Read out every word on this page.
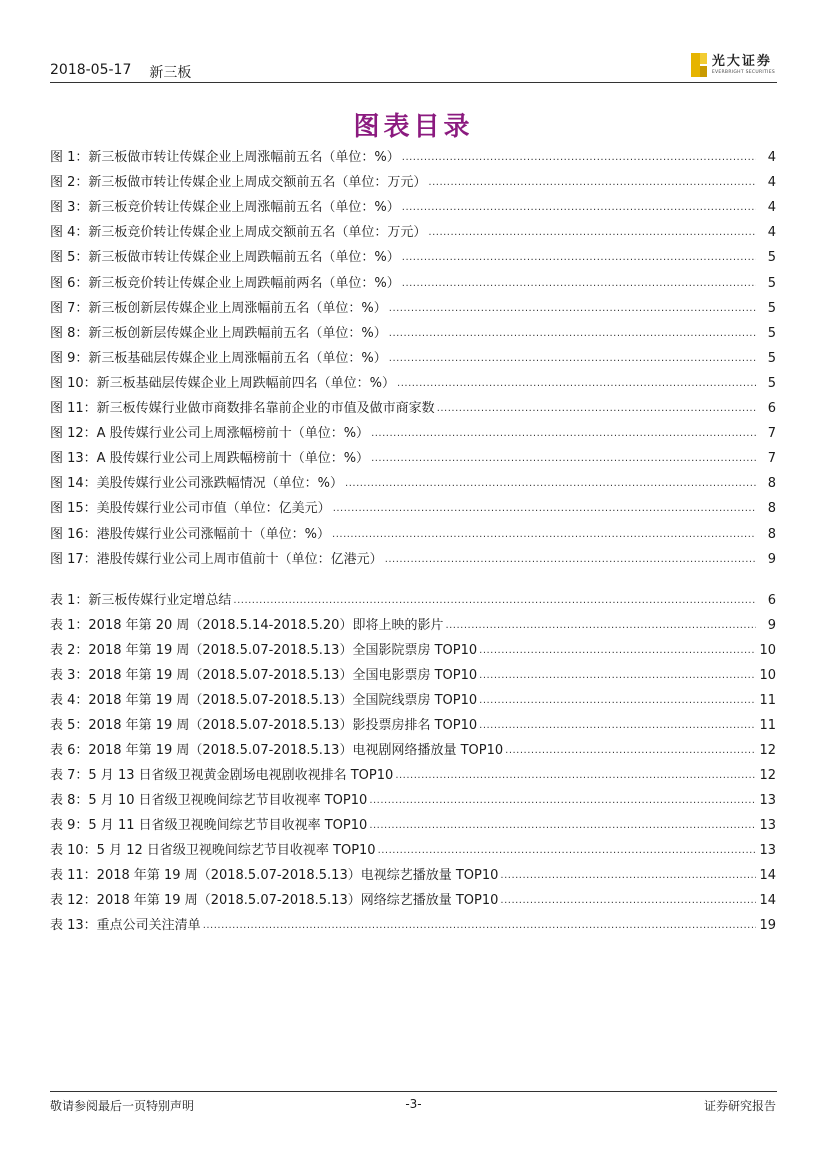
2018-05-17 新三板
光大证券
EVERBRIGHT SECURITIES
图表目录
图 1：新三板做市转让传媒企业上周涨幅前五名（单位：%） .....	4
图 2：新三板做市转让传媒企业上周成交额前五名（单位：万元） .....	4
图 3：新三板竞价转让传媒企业上周涨幅前五名（单位：%） .....	4
图 4：新三板竞价转让传媒企业上周成交额前五名（单位：万元） .....	4
图 5：新三板做市转让传媒企业上周跌幅前五名（单位：%） .....	5
图 6：新三板竞价转让传媒企业上周跌幅前两名（单位：%） .....	5
图 7：新三板创新层传媒企业上周涨幅前五名（单位：%） .....	5
图 8：新三板创新层传媒企业上周跌幅前五名（单位：%） .....	5
图 9：新三板基础层传媒企业上周涨幅前五名（单位：%） .....	5
图 10：新三板基础层传媒企业上周跌幅前四名（单位：%） .....	5
图 11：新三板传媒行业做市商数排名靠前企业的市值及做市商家数 .....	6
图 12：A 股传媒行业公司上周涨幅榜前十（单位：%） .....	7
图 13：A 股传媒行业公司上周跌幅榜前十（单位：%） .....	7
图 14：美股传媒行业公司涨跌幅情况（单位：%） .....	8
图 15：美股传媒行业公司市值（单位：亿美元） .....	8
图 16：港股传媒行业公司涨幅前十（单位：%） .....	8
图 17：港股传媒行业公司上周市值前十（单位：亿港元） .....	9
表 1：新三板传媒行业定增总结 .....	6
表 1：2018 年第 20 周（2018.5.14-2018.5.20）即将上映的影片 .....	9
表 2：2018 年第 19 周（2018.5.07-2018.5.13）全国影院票房 TOP10 .....	10
表 3：2018 年第 19 周（2018.5.07-2018.5.13）全国电影票房 TOP10 .....	10
表 4：2018 年第 19 周（2018.5.07-2018.5.13）全国院线票房 TOP10 .....	11
表 5：2018 年第 19 周（2018.5.07-2018.5.13）影投票房排名 TOP10 .....	11
表 6：2018 年第 19 周（2018.5.07-2018.5.13）电视剧网络播放量 TOP10 .....	12
表 7：5 月 13 日省级卫视黄金剧场电视剧收视排名 TOP10 .....	12
表 8：5 月 10 日省级卫视晚间综艺节目收视率 TOP10 .....	13
表 9：5 月 11 日省级卫视晚间综艺节目收视率 TOP10 .....	13
表 10：5 月 12 日省级卫视晚间综艺节目收视率 TOP10 .....	13
表 11：2018 年第 19 周（2018.5.07-2018.5.13）电视综艺播放量 TOP10 .....	14
表 12：2018 年第 19 周（2018.5.07-2018.5.13）网络综艺播放量 TOP10 .....	14
表 13：重点公司关注清单 .....	19
敬请参阅最后一页特别声明	-3-	证券研究报告
